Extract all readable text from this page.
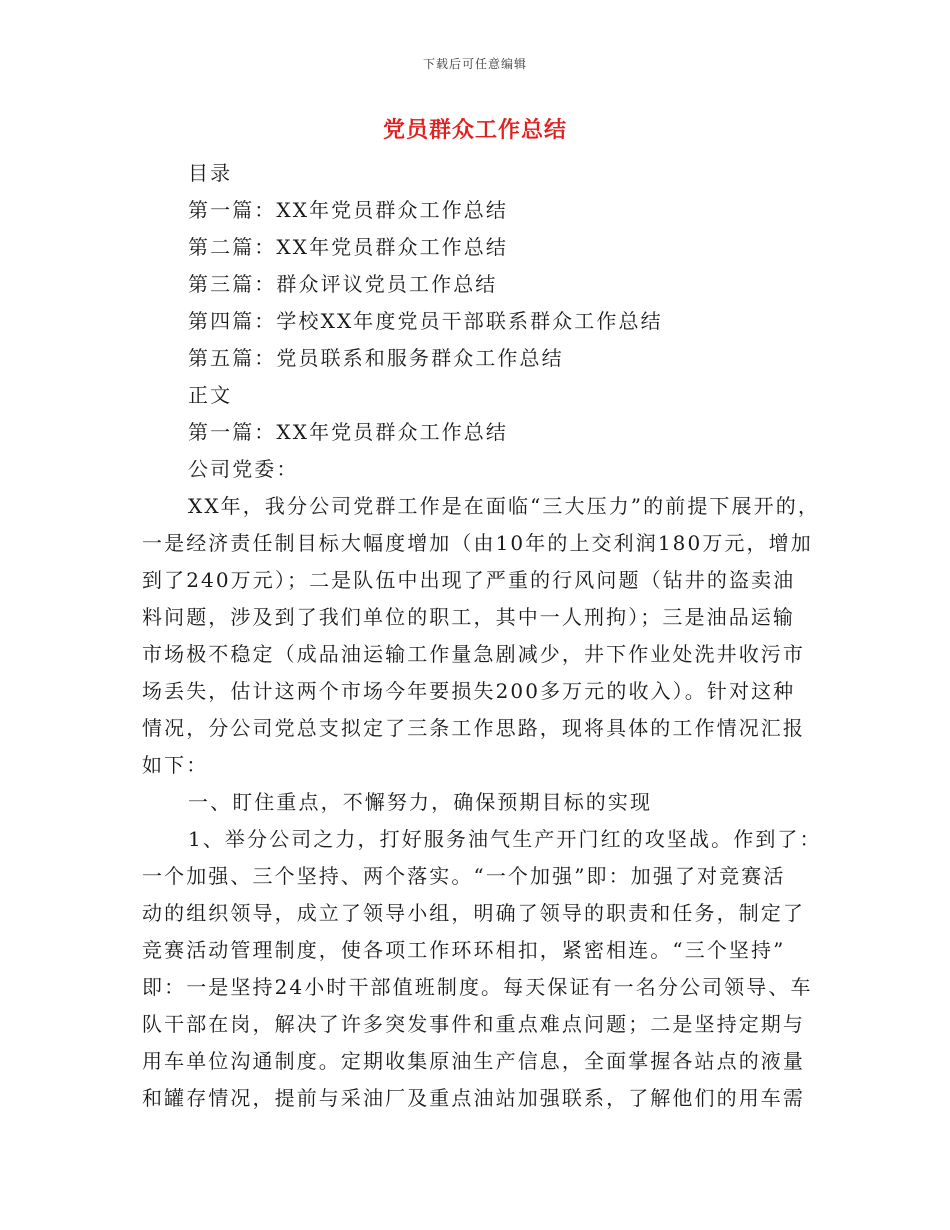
下载后可任意编辑
党员群众工作总结
目录
第一篇：XX年党员群众工作总结
第二篇：XX年党员群众工作总结
第三篇：群众评议党员工作总结
第四篇：学校XX年度党员干部联系群众工作总结
第五篇：党员联系和服务群众工作总结
正文
第一篇：XX年党员群众工作总结
公司党委：
XX年，我分公司党群工作是在面临“三大压力”的前提下展开的，
一是经济责任制目标大幅度增加（由10年的上交利润180万元，增加
到了240万元）；二是队伍中出现了严重的行风问题（钻井的盗卖油
料问题，涉及到了我们单位的职工，其中一人刑拘）；三是油品运输
市场极不稳定（成品油运输工作量急剧减少，井下作业处洗井收污市
场丢失，估计这两个市场今年要损失200多万元的收入）。针对这种
情况，分公司党总支拟定了三条工作思路，现将具体的工作情况汇报
如下：
一、盯住重点，不懈努力，确保预期目标的实现
1、举分公司之力，打好服务油气生产开门红的攻坚战。作到了：
一个加强、三个坚持、两个落实。“一个加强”即：加强了对竞赛活
动的组织领导，成立了领导小组，明确了领导的职责和任务，制定了
竞赛活动管理制度，使各项工作环环相扣，紧密相连。“三个坚持”
即：一是坚持24小时干部值班制度。每天保证有一名分公司领导、车
队干部在岗，解决了许多突发事件和重点难点问题；二是坚持定期与
用车单位沟通制度。定期收集原油生产信息，全面掌握各站点的液量
和罐存情况，提前与采油厂及重点油站加强联系，了解他们的用车需
